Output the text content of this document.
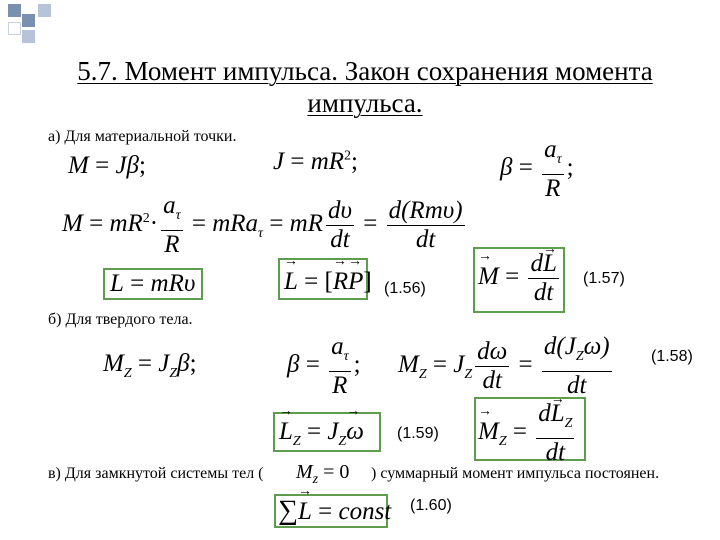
5.7. Момент импульса. Закон сохранения момента импульса.
а) Для материальной точки.
M = Jβ;	$J = mR^2$;	$\beta = \frac{a_\tau}{R}$ ;
$M = mR^2\cdot \frac{a_\tau}{R} = mRa_\tau$ = mR $\frac{d\upsilon}{dt} = \frac{\text{d(Rmυ)}}{dt}$
L = mRυ
→	L = [→ R→ P] (1.56)
→ $M = \frac{d\to L}{dt} (1.57)$
б) Для твердого тела.
$M_Z = J_Z\beta$;	$\beta = \frac{a_\tau}{R}$ ; $M_Z = J_Z \frac{d\omega}{dt} = \frac{d(J_Z\omega)}{dt} (1.58)$
→ $L_Z = J_Z\to \omega$ (1.59)
→ $M_Z = \frac{d\to L_Z}{dt}$
в) Для замкнутой системы тел ( $M_z = 0$ ) суммарный момент импульса постоянен.
∑→ L = const (1.60)
